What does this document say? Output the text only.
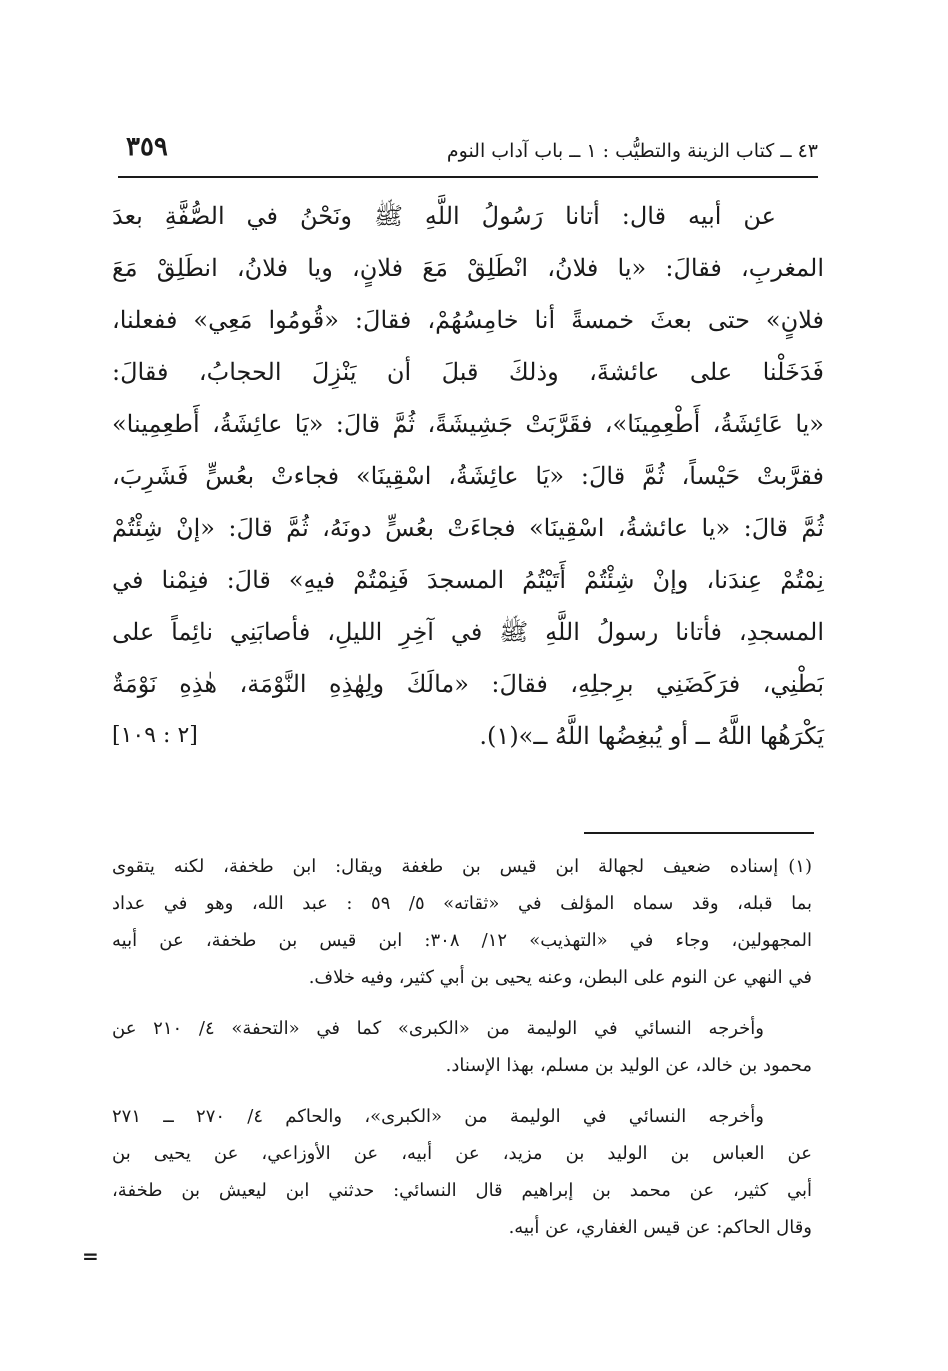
٣٥٩	٤٣ ــ كتاب الزينة والتطيُّب : ١ ــ باب آداب النوم
عن أبيه قال: أتانا رَسُولُ اللَّهِ ﷺ ونَحْنُ في الصُّفَّةِ بعدَ
المغربِ، فقالَ: «يا فلانُ، انْطَلِقْ مَعَ فلانٍ، ويا فلانُ، انطَلِقْ مَعَ
فلانٍ» حتى بعثَ خمسةً أنا خامِسُهُمْ، فقالَ: «قُومُوا مَعِي» ففعلنا،
فَدَخَلْنا على عائشةَ، وذلكَ قبلَ أن يَنْزِلَ الحجابُ، فقالَ:
«يا عَائِشَةُ، أَطْعِمِينَا»، فقَرَّبَتْ جَشِيشَةً، ثُمَّ قالَ: «يَا عائِشَةُ، أَطعِمِينا»
فقرَّبتْ حَيْساً، ثُمَّ قالَ: «يَا عائِشَةُ، اسْقِينَا» فجاءتْ بعُسٍّ فَشَرِبَ،
ثُمَّ قالَ: «يا عائشةُ، اسْقِينَا» فجاءَتْ بعُسٍّ دونَهُ، ثُمَّ قالَ: «إنْ شِئْتُمْ
نِمْتُمْ عِندَنا، وإنْ شِئْتُمْ أَتَيْتُمُ المسجدَ فَنِمْتُمْ فيهِ» قالَ: فنِمْنا في
المسجدِ، فأتانا رسولُ اللَّهِ ﷺ في آخِرِ الليلِ، فأصابَنِي نائِماً على
بَطْنِي، فرَكَضَنِي برِجلِهِ، فقالَ: «مالَكَ ولِهٰذِهِ النَّوْمَة، هٰذِهِ نَوْمَةٌ
يَكْرَهُها اللَّهُ ــ أو يُبغِضُها اللَّهُ ــ»(١).
[٢ : ١٠٩]
(١)
إسناده ضعيف لجهالة ابن قيس بن طغفة ويقال: ابن طخفة، لكنه يتقوى
بما قبله، وقد سماه المؤلف في «ثقاته» ٥/ ٥٩ : عبد الله، وهو في عداد
المجهولين، وجاء في «التهذيب» ١٢/ ٣٠٨: ابن قيس بن طخفة، عن أبيه
في النهي عن النوم على البطن، وعنه يحيى بن أبي كثير، وفيه خلاف.
وأخرجه النسائي في الوليمة من «الكبرى» كما في «التحفة» ٤/ ٢١٠ عن
محمود بن خالد، عن الوليد بن مسلم، بهذا الإسناد.
وأخرجه النسائي في الوليمة من «الكبرى»، والحاكم ٤/ ٢٧٠ ــ ٢٧١
عن العباس بن الوليد بن مزيد، عن أبيه، عن الأوزاعي، عن يحيى بن
أبي كثير، عن محمد بن إبراهيم قال النسائي: حدثني ابن ليعيش بن طخفة،
وقال الحاكم: عن قيس الغفاري، عن أبيه.
=
